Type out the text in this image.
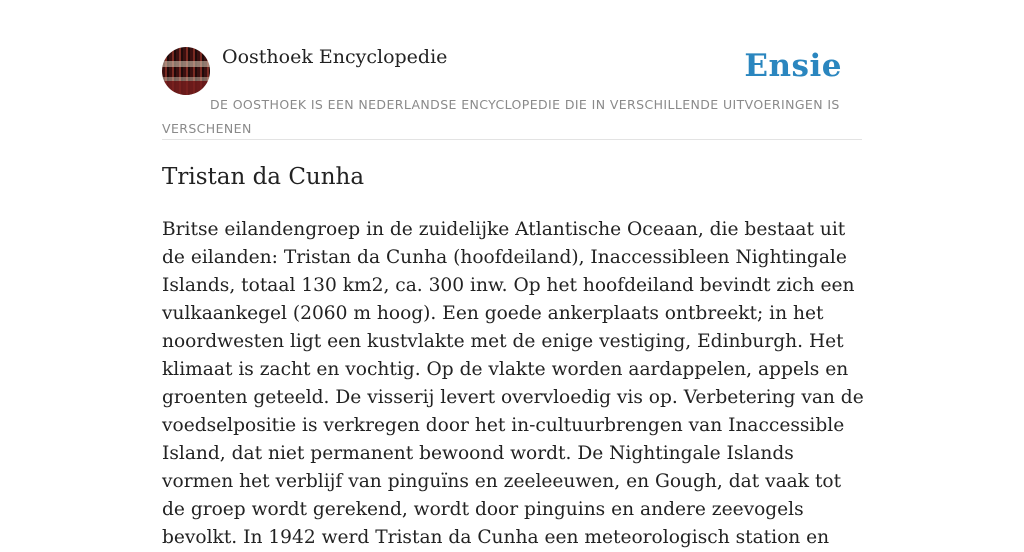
Oosthoek Encyclopedie	Ensie
DE OOSTHOEK IS EEN NEDERLANDSE ENCYCLOPEDIE DIE IN VERSCHILLENDE UITVOERINGEN IS VERSCHENEN
Tristan da Cunha

Britse eilandengroep in de zuidelijke Atlantische Oceaan, die bestaat uit de eilanden: Tristan da Cunha (hoofdeiland), Inaccessibleen Nightingale Islands, totaal 130 km2, ca. 300 inw. Op het hoofdeiland bevindt zich een vulkaankegel (2060 m hoog). Een goede ankerplaats ontbreekt; in het noordwesten ligt een kustvlakte met de enige vestiging, Edinburgh. Het klimaat is zacht en vochtig. Op de vlakte worden aardappelen, appels en groenten geteeld. De visserij levert overvloedig vis op. Verbetering van de voedselpositie is verkregen door het in-cultuurbrengen van Inaccessible Island, dat niet permanent bewoond wordt. De Nightingale Islands vormen het verblijf van pinguïns en zeeleeuwen, en Gough, dat vaak tot de groep wordt gerekend, wordt door pinguins en andere zeevogels bevolkt. In 1942 werd Tristan da Cunha een meteorologisch station en
